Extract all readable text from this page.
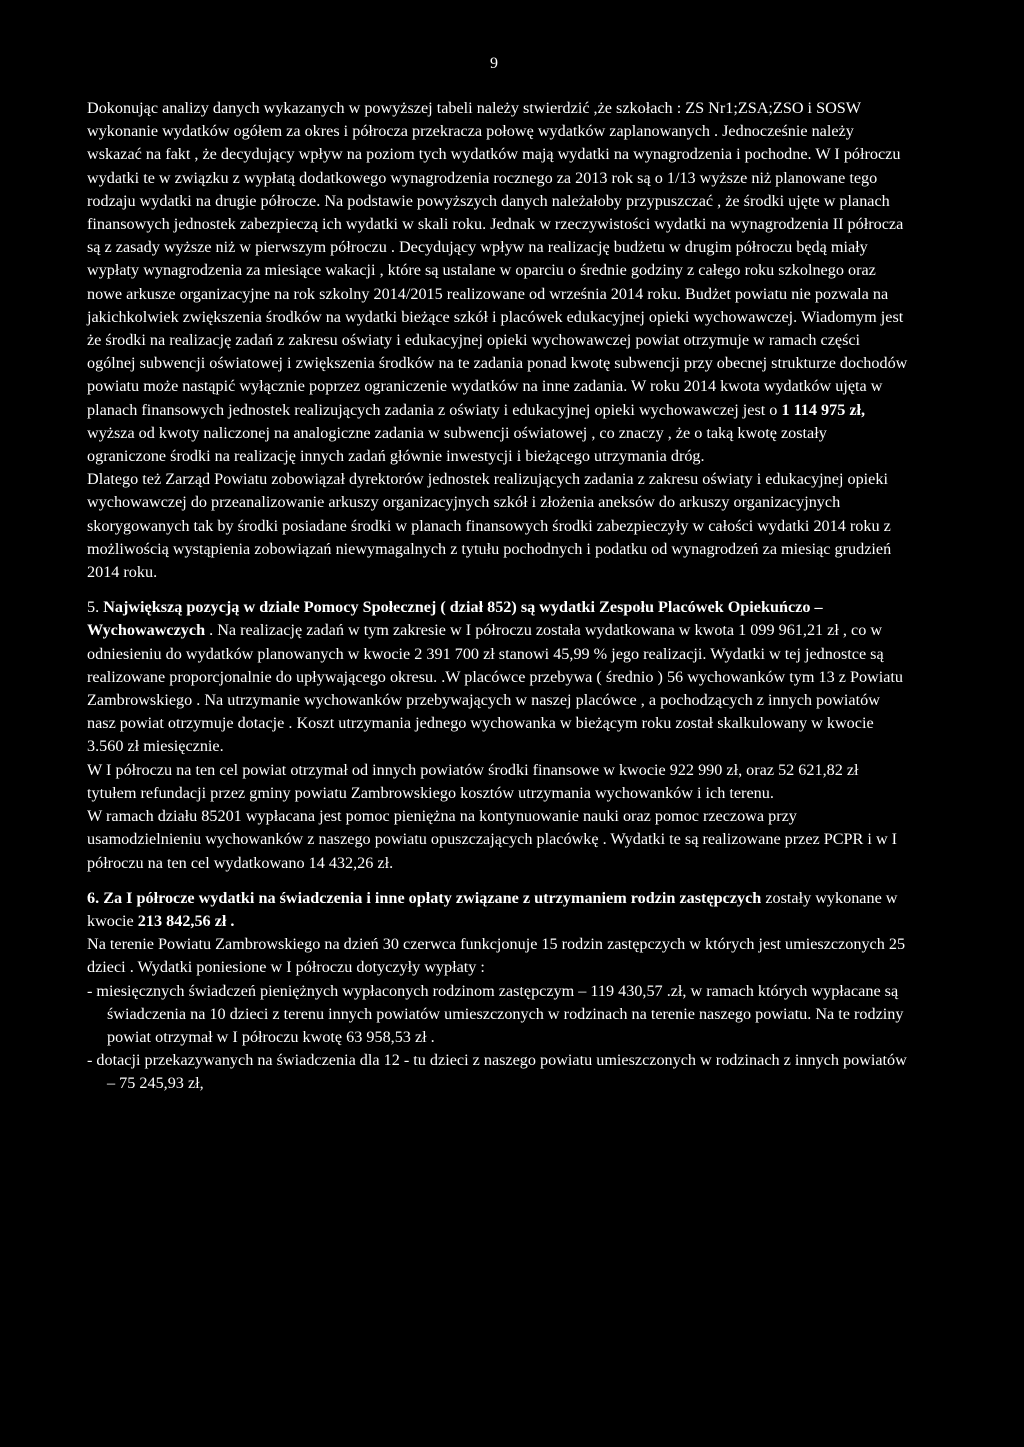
9

Dokonując analizy danych wykazanych w powyższej tabeli należy stwierdzić ,że szkołach : ZS Nr1;ZSA;ZSO i SOSW wykonanie wydatków ogółem za okres i półrocza przekracza połowę wydatków zaplanowanych . Jednocześnie należy wskazać na fakt , że decydujący wpływ na poziom tych wydatków mają wydatki na wynagrodzenia i pochodne. W I półroczu wydatki te w związku z wypłatą dodatkowego wynagrodzenia rocznego za 2013 rok są o 1/13 wyższe niż planowane tego rodzaju wydatki na drugie półrocze. Na podstawie powyższych danych należałoby przypuszczać , że środki ujęte w planach finansowych jednostek zabezpieczą ich wydatki w skali roku. Jednak w rzeczywistości wydatki na wynagrodzenia II półrocza są z zasady wyższe niż w pierwszym półroczu . Decydujący wpływ na realizację budżetu w drugim półroczu będą miały wypłaty wynagrodzenia za miesiące wakacji , które są ustalane w oparciu o średnie godziny z całego roku szkolnego oraz nowe arkusze organizacyjne na rok szkolny 2014/2015 realizowane od września 2014 roku. Budżet powiatu nie pozwala na jakichkolwiek zwiększenia środków na wydatki bieżące szkół i placówek edukacyjnej opieki wychowawczej. Wiadomym jest że środki na realizację zadań z zakresu oświaty i edukacyjnej opieki wychowawczej powiat otrzymuje w ramach części ogólnej subwencji oświatowej i zwiększenia środków na te zadania ponad kwotę subwencji przy obecnej strukturze dochodów powiatu może nastąpić wyłącznie poprzez ograniczenie wydatków na inne zadania. W roku 2014 kwota wydatków ujęta w planach finansowych jednostek realizujących zadania z oświaty i edukacyjnej opieki wychowawczej jest o 1 114 975 zł, wyższa od kwoty naliczonej na analogiczne zadania w subwencji oświatowej , co znaczy , że o taką kwotę zostały ograniczone środki na realizację innych zadań głównie inwestycji i bieżącego utrzymania dróg.

Dlatego też Zarząd Powiatu zobowiązał dyrektorów jednostek realizujących zadania z zakresu oświaty i edukacyjnej opieki wychowawczej do przeanalizowanie arkuszy organizacyjnych szkół i złożenia aneksów do arkuszy organizacyjnych skorygowanych tak by środki posiadane środki w planach finansowych środki zabezpieczyły w całości wydatki 2014 roku z możliwością wystąpienia zobowiązań niewymagalnych z tytułu pochodnych i podatku od wynagrodzeń za miesiąc grudzień 2014 roku.

5. Największą pozycją w dziale Pomocy Społecznej ( dział 852) są wydatki Zespołu Placówek Opiekuńczo – Wychowawczych . Na realizację zadań w tym zakresie w I półroczu została wydatkowana w kwota 1 099 961,21 zł , co w odniesieniu do wydatków planowanych w kwocie 2 391 700 zł stanowi 45,99 % jego realizacji. Wydatki w tej jednostce są realizowane proporcjonalnie do upływającego okresu. .W placówce przebywa ( średnio ) 56 wychowanków tym 13 z Powiatu Zambrowskiego . Na utrzymanie wychowanków przebywających w naszej placówce , a pochodzących z innych powiatów nasz powiat otrzymuje dotacje . Koszt utrzymania jednego wychowanka w bieżącym roku został skalkulowany w kwocie 3.560 zł miesięcznie.

W I półroczu na ten cel powiat otrzymał od innych powiatów środki finansowe w kwocie 922 990 zł, oraz 52 621,82 zł tytułem refundacji przez gminy powiatu Zambrowskiego kosztów utrzymania wychowanków i ich terenu.

W ramach działu 85201 wypłacana jest pomoc pieniężna na kontynuowanie nauki oraz pomoc rzeczowa przy usamodzielnieniu wychowanków z naszego powiatu opuszczających placówkę . Wydatki te są realizowane przez PCPR i w I półroczu na ten cel wydatkowano 14 432,26 zł.

6. Za I półrocze wydatki na świadczenia i inne opłaty związane z utrzymaniem rodzin zastępczych zostały wykonane w kwocie 213 842,56 zł .

Na terenie Powiatu Zambrowskiego na dzień 30 czerwca funkcjonuje 15 rodzin zastępczych w których jest umieszczonych 25 dzieci . Wydatki poniesione w I półroczu dotyczyły wypłaty :

- miesięcznych świadczeń pieniężnych wypłaconych rodzinom zastępczym – 119 430,57 .zł, w ramach których wypłacane są świadczenia na 10 dzieci z terenu innych powiatów umieszczonych w rodzinach na terenie naszego powiatu. Na te rodziny powiat otrzymał w I półroczu kwotę 63 958,53 zł .

- dotacji przekazywanych na świadczenia dla 12 - tu dzieci z naszego powiatu umieszczonych w rodzinach z innych powiatów – 75 245,93 zł,
